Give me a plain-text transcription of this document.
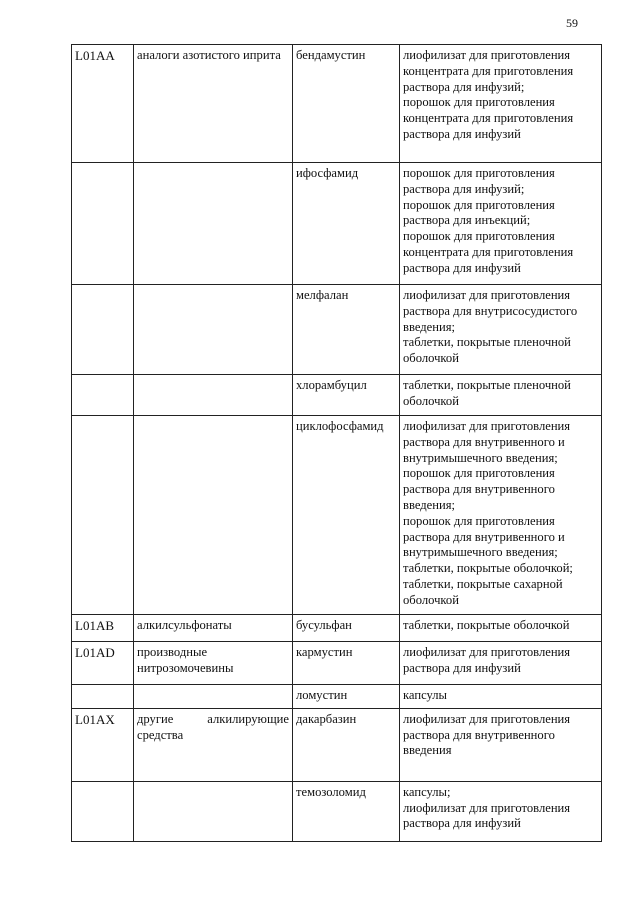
59
L01AA	аналоги азотистого иприта	бендамустин	лиофилизат для приготовления концентрата для приготовления раствора для инфузий;
порошок для приготовления концентрата для приготовления раствора для инфузий
		ифосфамид	порошок для приготовления раствора для инфузий;
порошок для приготовления раствора для инъекций;
порошок для приготовления концентрата для приготовления раствора для инфузий
		мелфалан	лиофилизат для приготовления раствора для внутрисосудистого введения;
таблетки, покрытые пленочной оболочкой
		хлорамбуцил	таблетки, покрытые пленочной оболочкой
		циклофосфамид	лиофилизат для приготовления раствора для внутривенного и внутримышечного введения;
порошок для приготовления раствора для внутривенного введения;
порошок для приготовления раствора для внутривенного и внутримышечного введения;
таблетки, покрытые оболочкой;
таблетки, покрытые сахарной оболочкой
L01AB	алкилсульфонаты	бусульфан	таблетки, покрытые оболочкой
L01AD	производные нитрозомочевины	кармустин	лиофилизат для приготовления раствора для инфузий
		ломустин	капсулы
L01AX	другие алкилирующие средства	дакарбазин	лиофилизат для приготовления раствора для внутривенного введения
		темозоломид	капсулы;
лиофилизат для приготовления раствора для инфузий
